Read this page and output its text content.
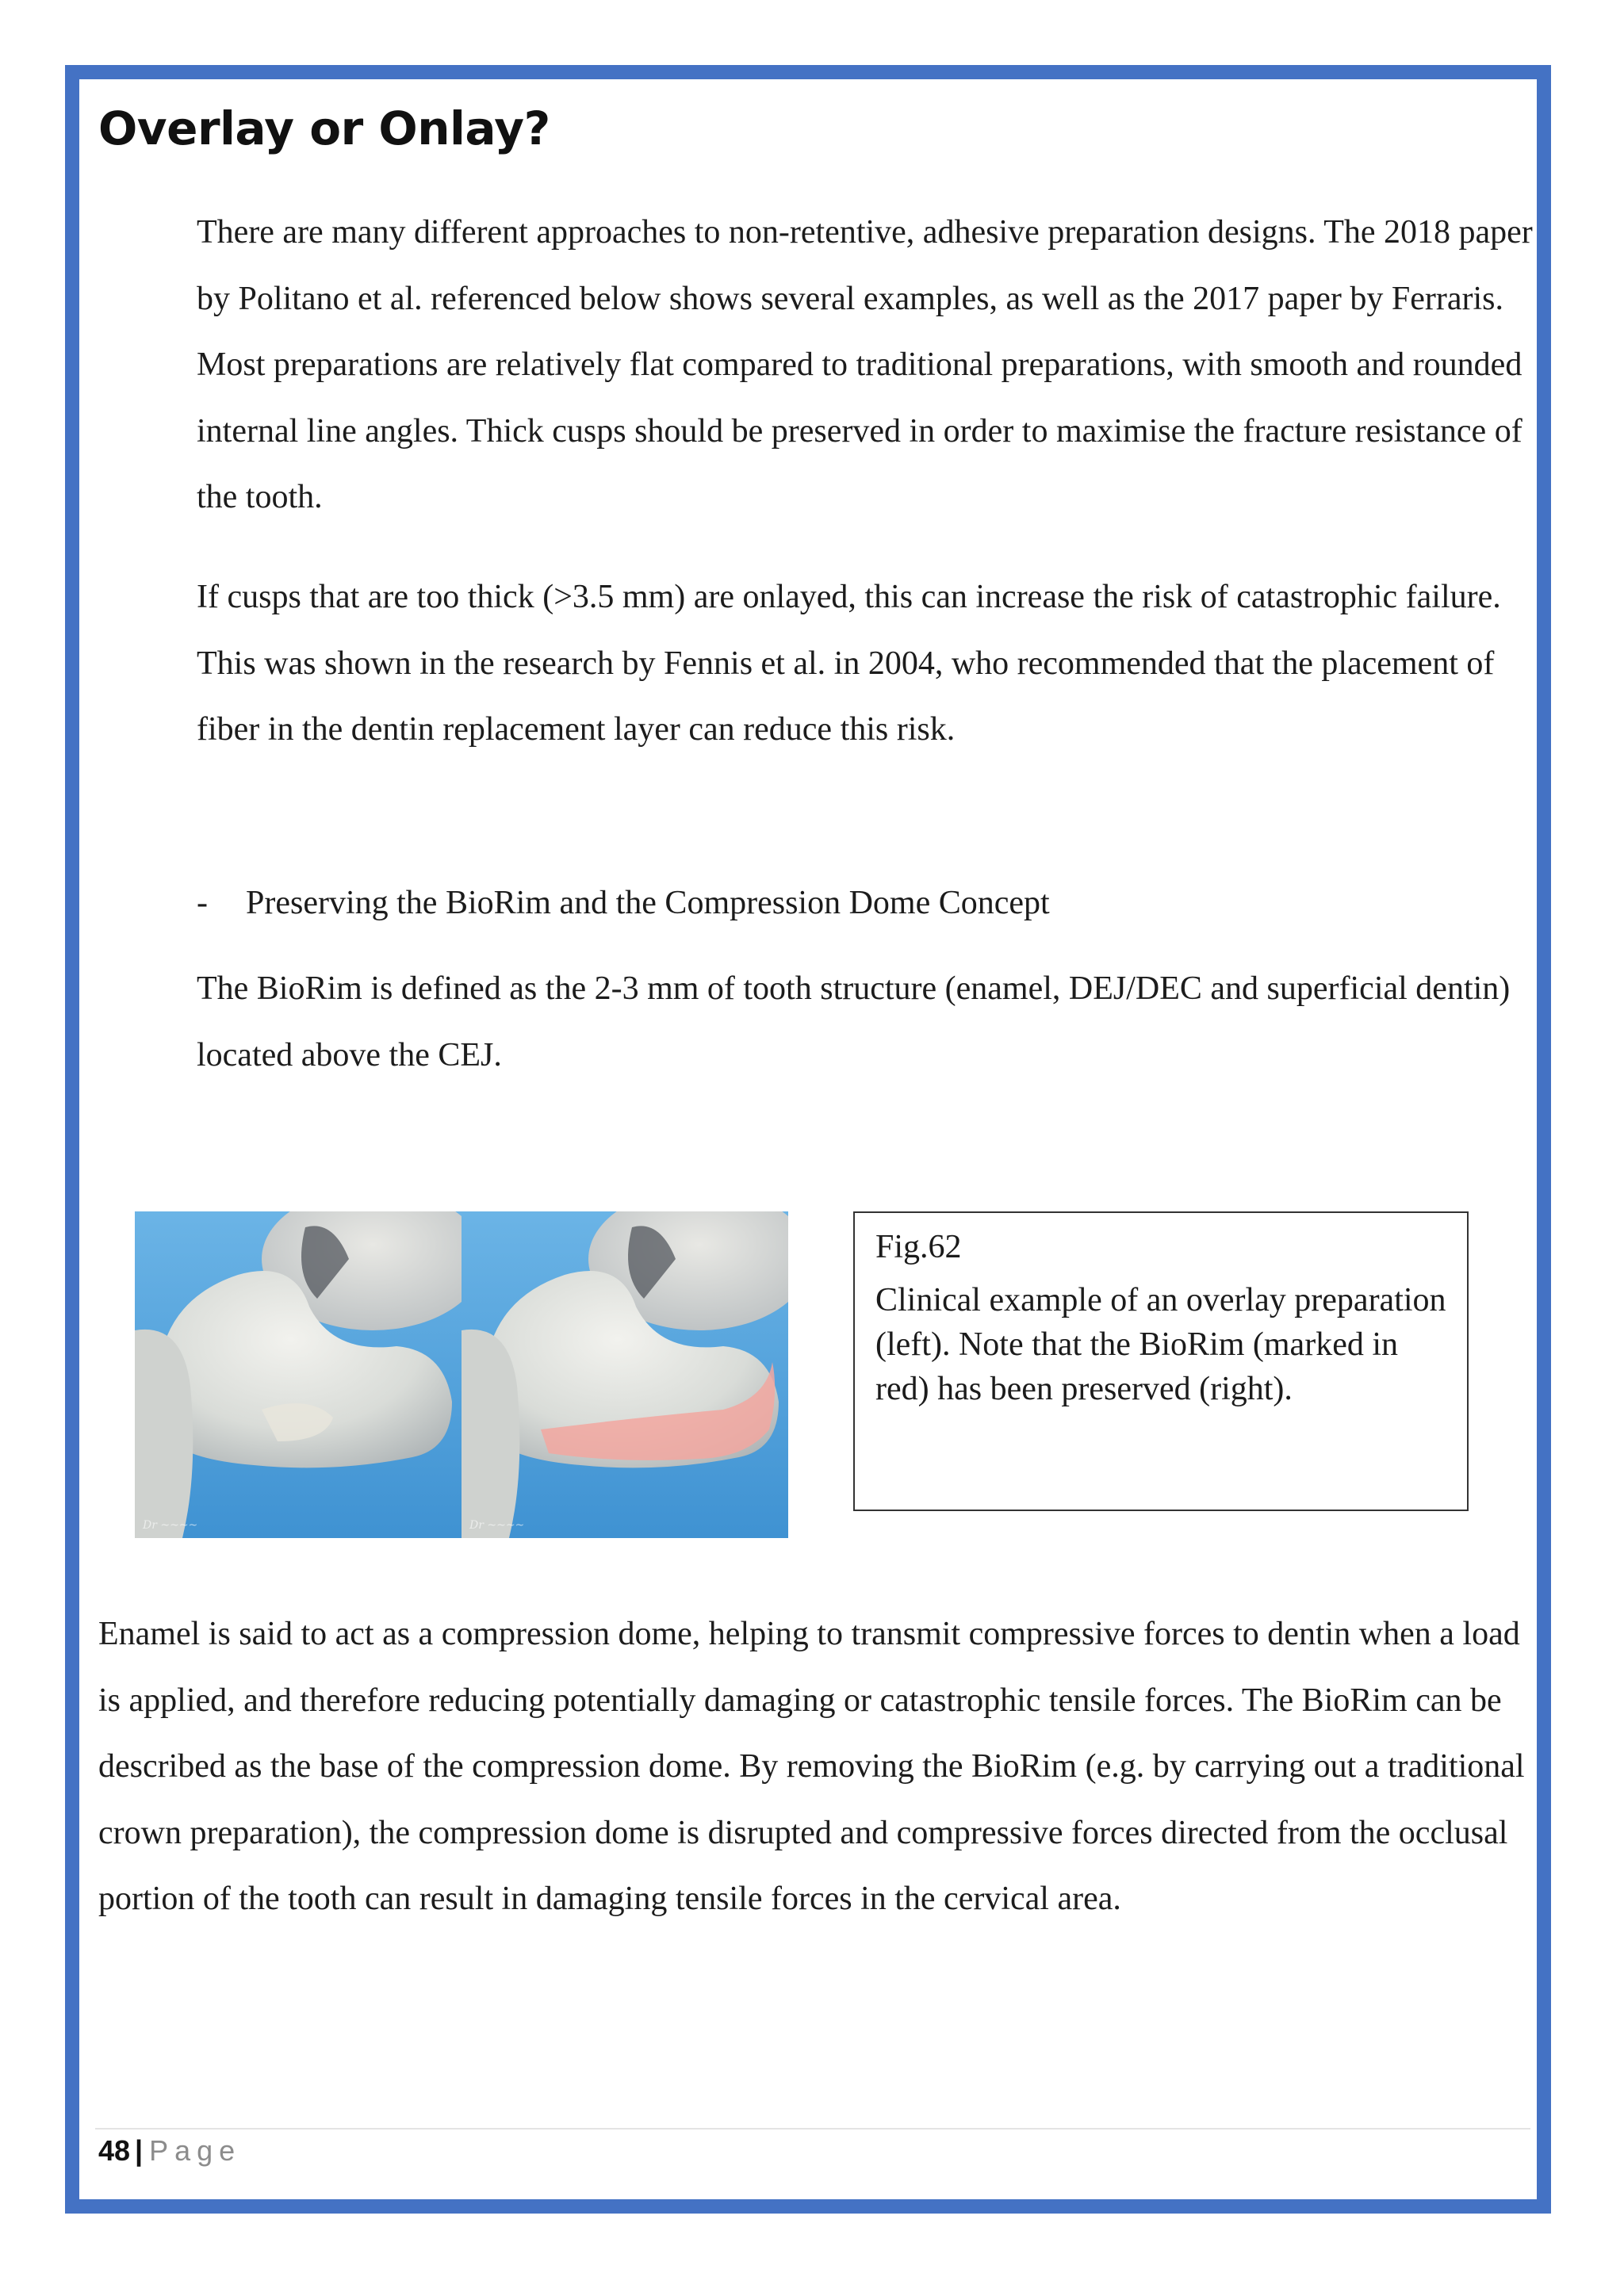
Overlay or Onlay?

There are many different approaches to non-retentive, adhesive preparation designs. The 2018 paper by Politano et al. referenced below shows several examples, as well as the 2017 paper by Ferraris. Most preparations are relatively flat compared to traditional preparations, with smooth and rounded internal line angles. Thick cusps should be preserved in order to maximise the fracture resistance of the tooth.

If cusps that are too thick (>3.5 mm) are onlayed, this can increase the risk of catastrophic failure. This was shown in the research by Fennis et al. in 2004, who recommended that the placement of fiber in the dentin replacement layer can reduce this risk.

- Preserving the BioRim and the Compression Dome Concept

The BioRim is defined as the 2-3 mm of tooth structure (enamel, DEJ/DEC and superficial dentin) located above the CEJ.

Dr ~~~~	Dr ~~~~

Fig.62

Clinical example of an overlay preparation (left). Note that the BioRim (marked in red) has been preserved (right).

Enamel is said to act as a compression dome, helping to transmit compressive forces to dentin when a load is applied, and therefore reducing potentially damaging or catastrophic tensile forces. The BioRim can be described as the base of the compression dome. By removing the BioRim (e.g. by carrying out a traditional crown preparation), the compression dome is disrupted and compressive forces directed from the occlusal portion of the tooth can result in damaging tensile forces in the cervical area.

48 | Page
